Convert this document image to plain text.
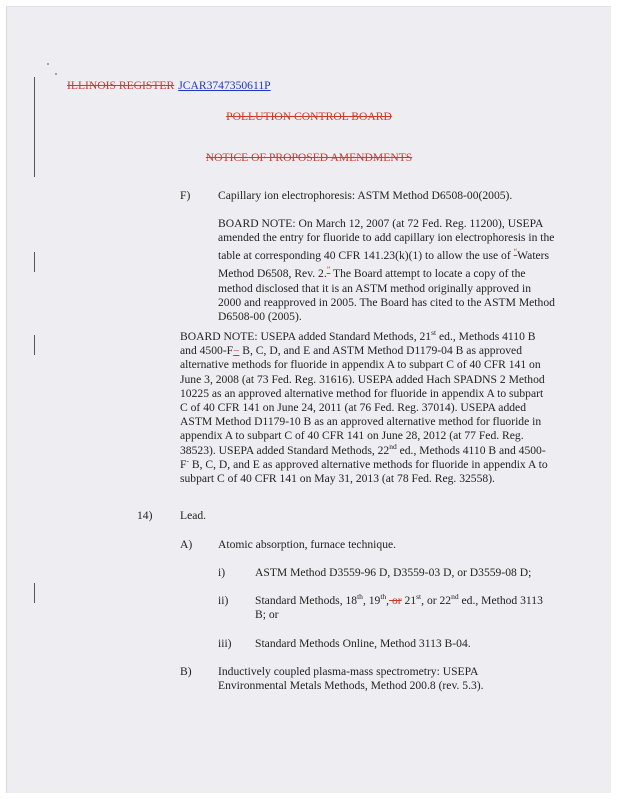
ILLINOIS REGISTER JCAR3747350611P
POLLUTION CONTROL BOARD
NOTICE OF PROPOSED AMENDMENTS
F) Capillary ion electrophoresis: ASTM Method D6508-00(2005).
BOARD NOTE: On March 12, 2007 (at 72 Fed. Reg. 11200), USEPA amended the entry for fluoride to add capillary ion electrophoresis in the table at corresponding 40 CFR 141.23(k)(1) to allow the use of “Waters Method D6508, Rev. 2.” The Board attempt to locate a copy of the method disclosed that it is an ASTM method originally approved in 2000 and reapproved in 2005. The Board has cited to the ASTM Method D6508-00 (2005).
BOARD NOTE: USEPA added Standard Methods, 21st ed., Methods 4110 B and 4500-F− B, C, D, and E and ASTM Method D1179-04 B as approved alternative methods for fluoride in appendix A to subpart C of 40 CFR 141 on June 3, 2008 (at 73 Fed. Reg. 31616). USEPA added Hach SPADNS 2 Method 10225 as an approved alternative method for fluoride in appendix A to subpart C of 40 CFR 141 on June 24, 2011 (at 76 Fed. Reg. 37014). USEPA added ASTM Method D1179-10 B as an approved alternative method for fluoride in appendix A to subpart C of 40 CFR 141 on June 28, 2012 (at 77 Fed. Reg. 38523). USEPA added Standard Methods, 22nd ed., Methods 4110 B and 4500-F- B, C, D, and E as approved alternative methods for fluoride in appendix A to subpart C of 40 CFR 141 on May 31, 2013 (at 78 Fed. Reg. 32558).
14) Lead.
A) Atomic absorption, furnace technique.
i)	ASTM Method D3559-96 D, D3559-03 D, or D3559-08 D;
ii) Standard Methods, 18th, 19th, or 21st, or 22nd ed., Method 3113 B; or
iii) Standard Methods Online, Method 3113 B-04.
B) Inductively coupled plasma-mass spectrometry: USEPA Environmental Metals Methods, Method 200.8 (rev. 5.3).
